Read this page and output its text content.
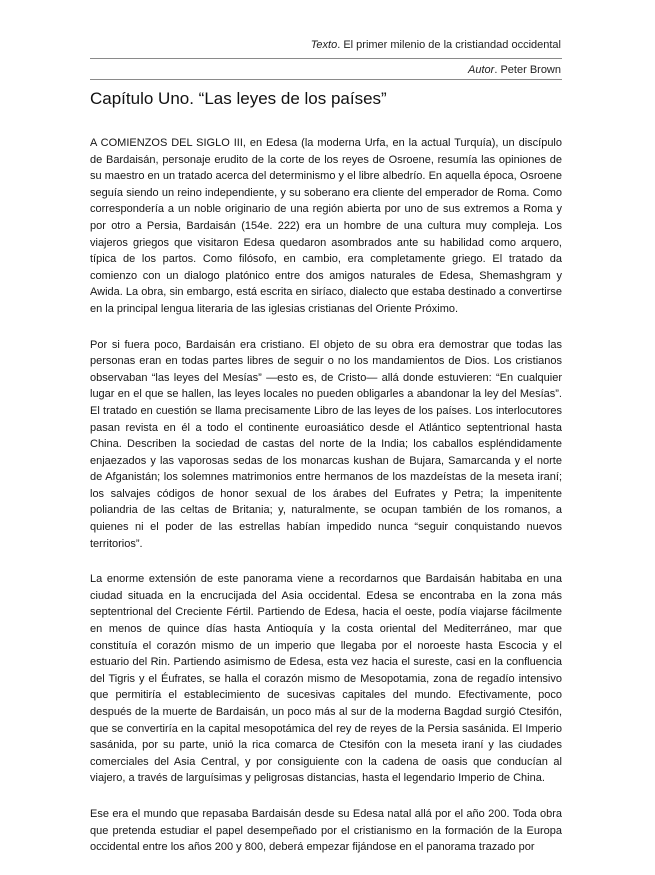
Texto. El primer milenio de la cristiandad occidental
Autor. Peter Brown
Capítulo Uno. “Las leyes de los países”

A COMIENZOS DEL SIGLO III, en Edesa (la moderna Urfa, en la actual Turquía), un discípulo de Bardaisán, personaje erudito de la corte de los reyes de Osroene, resumía las opiniones de su maestro en un tratado acerca del determinismo y el libre albedrío. En aquella época, Osroene seguía siendo un reino independiente, y su soberano era cliente del emperador de Roma. Como correspondería a un noble originario de una región abierta por uno de sus extremos a Roma y por otro a Persia, Bardaisán (154e. 222) era un hombre de una cultura muy compleja. Los viajeros griegos que visitaron Edesa quedaron asombrados ante su habilidad como arquero, típica de los partos. Como filósofo, en cambio, era completamente griego. El tratado da comienzo con un dialogo platónico entre dos amigos naturales de Edesa, Shemashgram y Awida. La obra, sin embargo, está escrita en siríaco, dialecto que estaba destinado a convertirse en la principal lengua literaria de las iglesias cristianas del Oriente Próximo.

Por si fuera poco, Bardaisán era cristiano. El objeto de su obra era demostrar que todas las personas eran en todas partes libres de seguir o no los mandamientos de Dios. Los cristianos observaban “las leyes del Mesías” —esto es, de Cristo— allá donde estuvieren: “En cualquier lugar en el que se hallen, las leyes locales no pueden obligarles a abandonar la ley del Mesías”. El tratado en cuestión se llama precisamente Libro de las leyes de los países. Los interlocutores pasan revista en él a todo el continente euroasiático desde el Atlántico septentrional hasta China. Describen la sociedad de castas del norte de la India; los caballos espléndidamente enjaezados y las vaporosas sedas de los monarcas kushan de Bujara, Samarcanda y el norte de Afganistán; los solemnes matrimonios entre hermanos de los mazdeístas de la meseta iraní; los salvajes códigos de honor sexual de los árabes del Eufrates y Petra; la impenitente poliandria de las celtas de Britania; y, naturalmente, se ocupan también de los romanos, a quienes ni el poder de las estrellas habían impedido nunca “seguir conquistando nuevos territorios”.

La enorme extensión de este panorama viene a recordarnos que Bardaisán habitaba en una ciudad situada en la encrucijada del Asia occidental. Edesa se encontraba en la zona más septentrional del Creciente Fértil. Partiendo de Edesa, hacia el oeste, podía viajarse fácilmente en menos de quince días hasta Antioquía y la costa oriental del Mediterráneo, mar que constituía el corazón mismo de un imperio que llegaba por el noroeste hasta Escocia y el estuario del Rin. Partiendo asimismo de Edesa, esta vez hacia el sureste, casi en la confluencia del Tigris y el Éufrates, se halla el corazón mismo de Mesopotamia, zona de regadío intensivo que permitiría el establecimiento de sucesivas capitales del mundo. Efectivamente, poco después de la muerte de Bardaisán, un poco más al sur de la moderna Bagdad surgió Ctesifón, que se convertiría en la capital mesopotámica del rey de reyes de la Persia sasánida. El Imperio sasánida, por su parte, unió la rica comarca de Ctesifón con la meseta iraní y las ciudades comerciales del Asia Central, y por consiguiente con la cadena de oasis que conducían al viajero, a través de larguísimas y peligrosas distancias, hasta el legendario Imperio de China.

Ese era el mundo que repasaba Bardaisán desde su Edesa natal allá por el año 200. Toda obra que pretenda estudiar el papel desempeñado por el cristianismo en la formación de la Europa occidental entre los años 200 y 800, deberá empezar fijándose en el panorama trazado por
